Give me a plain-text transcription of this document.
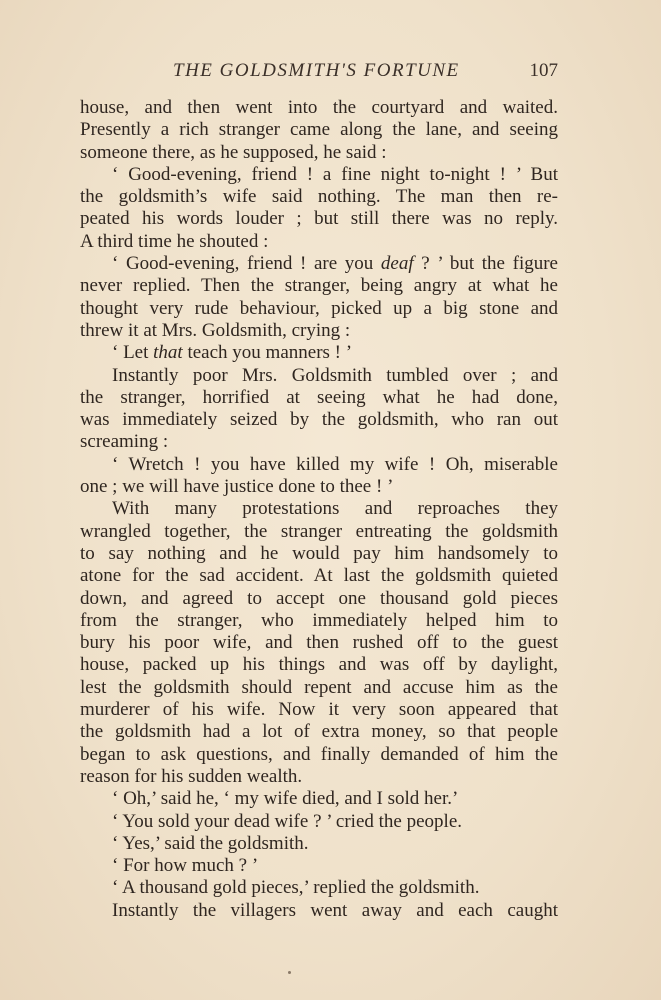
THE GOLDSMITH'S FORTUNE	107
house, and then went into the courtyard and waited.
Presently a rich stranger came along the lane, and seeing
someone there, as he supposed, he said :
‘ Good-evening, friend ! a fine night to-night ! ’ But
the goldsmith’s wife said nothing. The man then re-
peated his words louder ; but still there was no reply.
A third time he shouted :
‘ Good-evening, friend ! are you deaf ? ’ but the figure
never replied. Then the stranger, being angry at what he
thought very rude behaviour, picked up a big stone and
threw it at Mrs. Goldsmith, crying :
‘ Let that teach you manners ! ’
Instantly poor Mrs. Goldsmith tumbled over ; and
the stranger, horrified at seeing what he had done,
was immediately seized by the goldsmith, who ran out
screaming :
‘ Wretch ! you have killed my wife ! Oh, miserable
one ; we will have justice done to thee ! ’
With many protestations and reproaches they
wrangled together, the stranger entreating the goldsmith
to say nothing and he would pay him handsomely to
atone for the sad accident. At last the goldsmith quieted
down, and agreed to accept one thousand gold pieces
from the stranger, who immediately helped him to
bury his poor wife, and then rushed off to the guest
house, packed up his things and was off by daylight,
lest the goldsmith should repent and accuse him as the
murderer of his wife. Now it very soon appeared that
the goldsmith had a lot of extra money, so that people
began to ask questions, and finally demanded of him the
reason for his sudden wealth.
‘ Oh,’ said he, ‘ my wife died, and I sold her.’
‘ You sold your dead wife ? ’ cried the people.
‘ Yes,’ said the goldsmith.
‘ For how much ? ’
‘ A thousand gold pieces,’ replied the goldsmith.
Instantly the villagers went away and each caught
